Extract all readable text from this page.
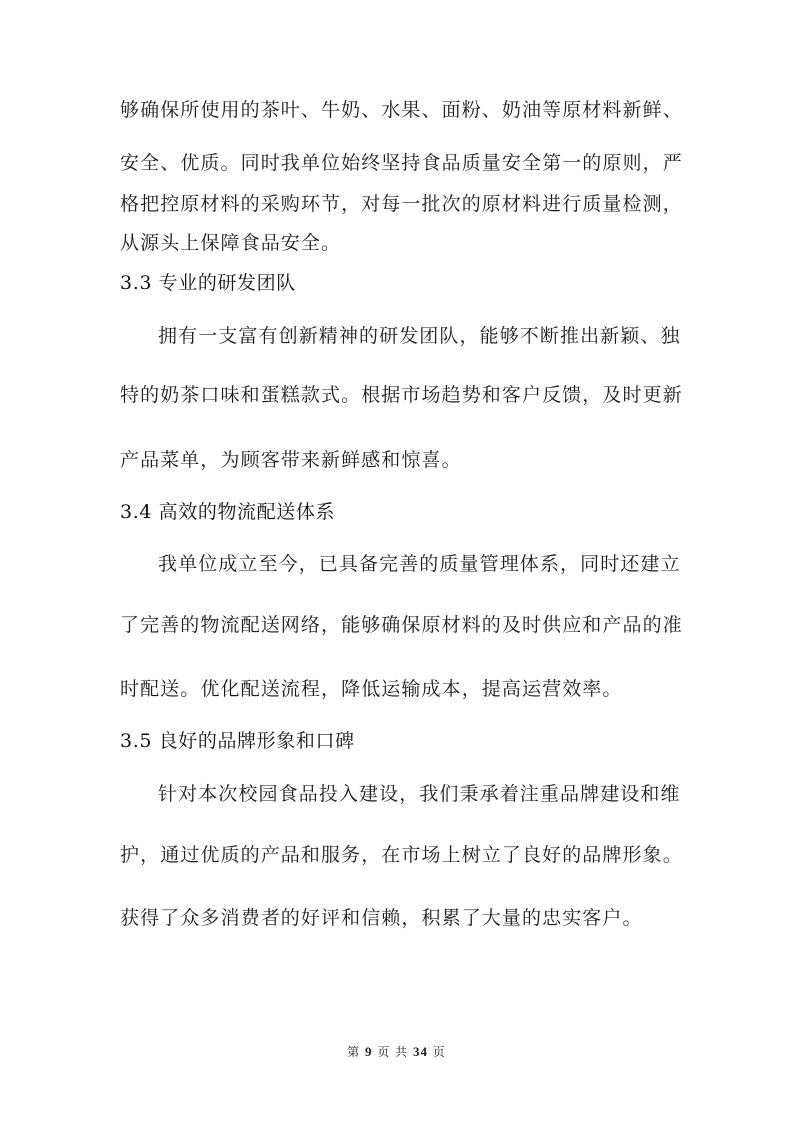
够确保所使用的茶叶、牛奶、水果、面粉、奶油等原材料新鲜、
安全、优质。同时我单位始终坚持食品质量安全第一的原则，严
格把控原材料的采购环节，对每一批次的原材料进行质量检测，
从源头上保障食品安全。
3.3 专业的研发团队
拥有一支富有创新精神的研发团队，能够不断推出新颖、独
特的奶茶口味和蛋糕款式。根据市场趋势和客户反馈，及时更新
产品菜单，为顾客带来新鲜感和惊喜。
3.4 高效的物流配送体系
我单位成立至今，已具备完善的质量管理体系，同时还建立
了完善的物流配送网络，能够确保原材料的及时供应和产品的准
时配送。优化配送流程，降低运输成本，提高运营效率。
3.5 良好的品牌形象和口碑
针对本次校园食品投入建设，我们秉承着注重品牌建设和维
护，通过优质的产品和服务，在市场上树立了良好的品牌形象。
获得了众多消费者的好评和信赖，积累了大量的忠实客户。
第 9 页 共 34 页
